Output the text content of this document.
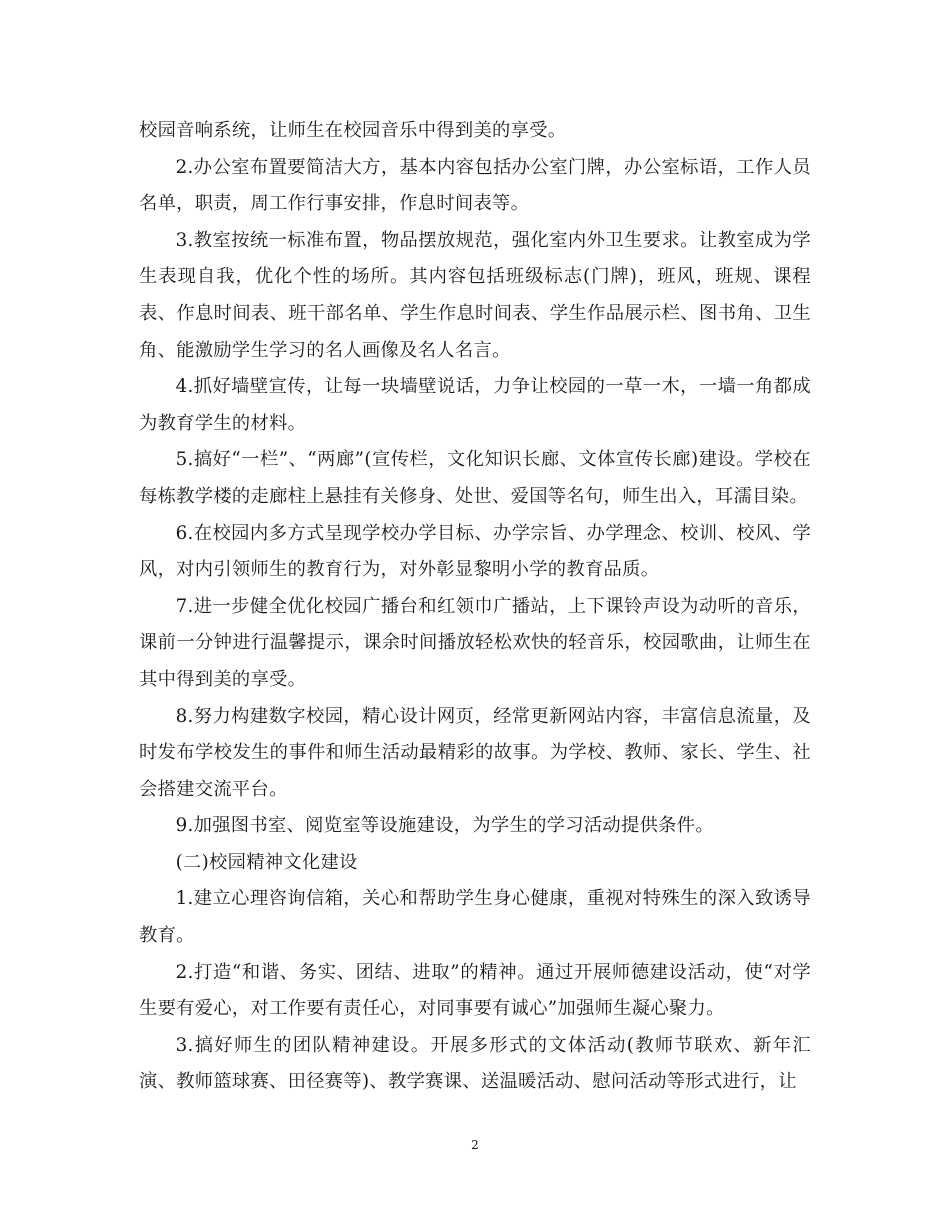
校园音响系统，让师生在校园音乐中得到美的享受。

2.办公室布置要简洁大方，基本内容包括办公室门牌，办公室标语，工作人员名单，职责，周工作行事安排，作息时间表等。

3.教室按统一标准布置，物品摆放规范，强化室内外卫生要求。让教室成为学生表现自我，优化个性的场所。其内容包括班级标志(门牌)，班风，班规、课程表、作息时间表、班干部名单、学生作息时间表、学生作品展示栏、图书角、卫生角、能激励学生学习的名人画像及名人名言。

4.抓好墙壁宣传，让每一块墙壁说话，力争让校园的一草一木，一墙一角都成为教育学生的材料。

5.搞好“一栏”、“两廊”(宣传栏，文化知识长廊、文体宣传长廊)建设。学校在每栋教学楼的走廊柱上悬挂有关修身、处世、爱国等名句，师生出入，耳濡目染。

6.在校园内多方式呈现学校办学目标、办学宗旨、办学理念、校训、校风、学风，对内引领师生的教育行为，对外彰显黎明小学的教育品质。

7.进一步健全优化校园广播台和红领巾广播站，上下课铃声设为动听的音乐，课前一分钟进行温馨提示，课余时间播放轻松欢快的轻音乐，校园歌曲，让师生在其中得到美的享受。

8.努力构建数字校园，精心设计网页，经常更新网站内容，丰富信息流量，及时发布学校发生的事件和师生活动最精彩的故事。为学校、教师、家长、学生、社会搭建交流平台。

9.加强图书室、阅览室等设施建设，为学生的学习活动提供条件。

(二)校园精神文化建设

1.建立心理咨询信箱，关心和帮助学生身心健康，重视对特殊生的深入致诱导教育。

2.打造“和谐、务实、团结、进取”的精神。通过开展师德建设活动，使“对学生要有爱心，对工作要有责任心，对同事要有诚心”加强师生凝心聚力。

3.搞好师生的团队精神建设。开展多形式的文体活动(教师节联欢、新年汇演、教师篮球赛、田径赛等)、教学赛课、送温暖活动、慰问活动等形式进行，让

2
